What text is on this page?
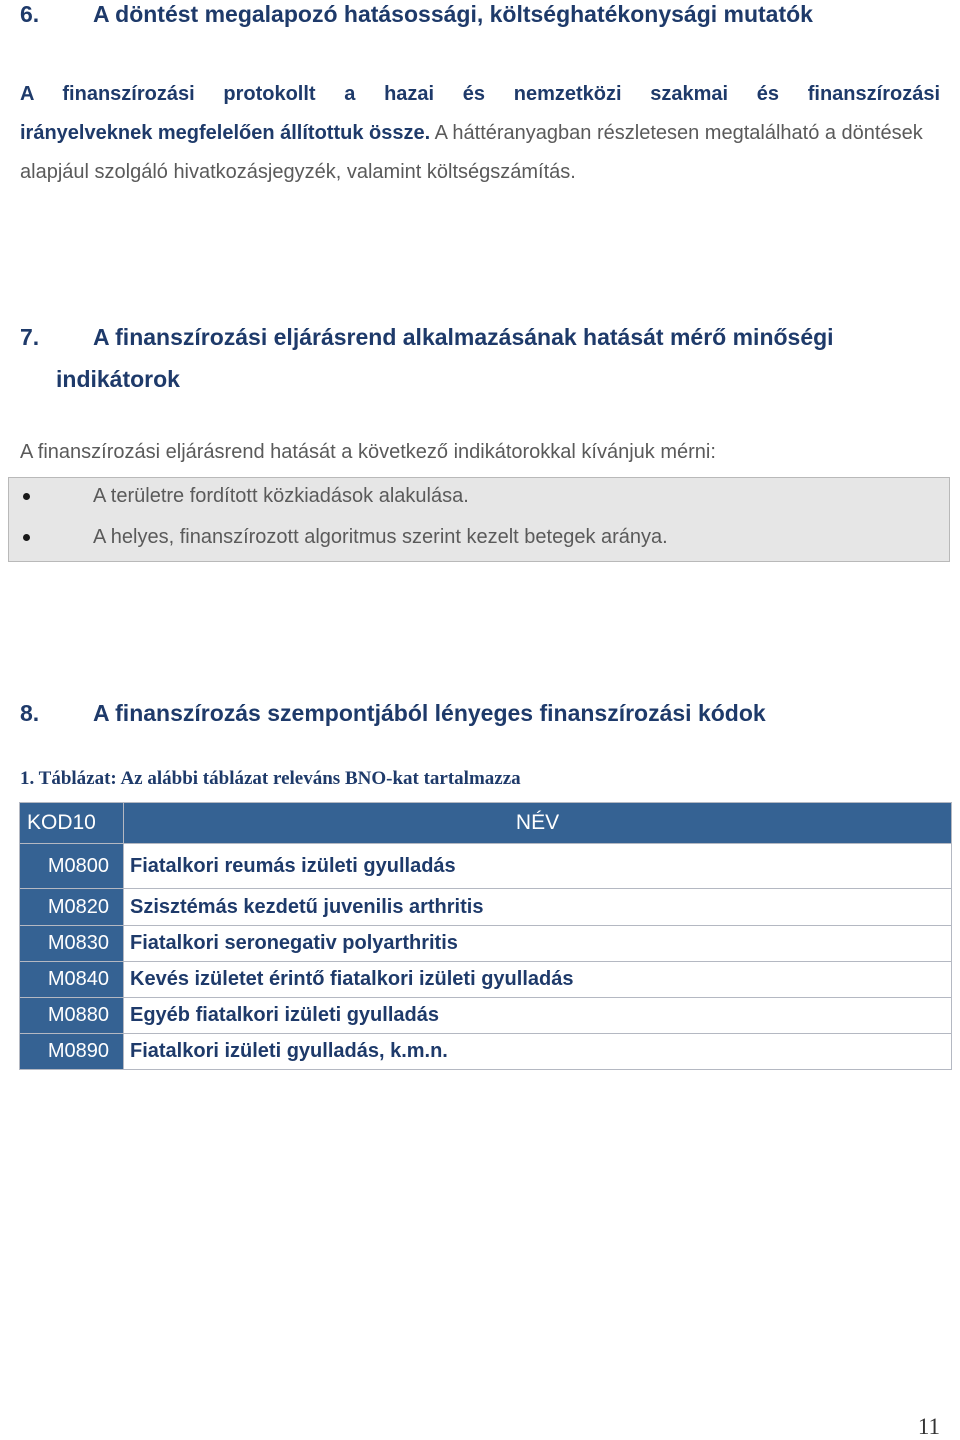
6. A döntést megalapozó hatásossági, költséghatékonysági mutatók
A finanszírozási protokollt a hazai és nemzetközi szakmai és finanszírozási
irányelveknek megfelelően állítottuk össze. A háttéranyagban részletesen megtalálható a döntések alapjául szolgáló hivatkozásjegyzék, valamint költségszámítás.
7. A finanszírozási eljárásrend alkalmazásának hatását mérő minőségi
indikátorok
A finanszírozási eljárásrend hatását a következő indikátorokkal kívánjuk mérni:
A területre fordított közkiadások alakulása.
A helyes, finanszírozott algoritmus szerint kezelt betegek aránya.
8. A finanszírozás szempontjából lényeges finanszírozási kódok
1. Táblázat: Az alábbi táblázat releváns BNO-kat tartalmazza
KOD10	NÉV
M0800	Fiatalkori reumás izületi gyulladás
M0820	Szisztémás kezdetű juvenilis arthritis
M0830	Fiatalkori seronegativ polyarthritis
M0840	Kevés izületet érintő fiatalkori izületi gyulladás
M0880	Egyéb fiatalkori izületi gyulladás
M0890	Fiatalkori izületi gyulladás, k.m.n.
11
